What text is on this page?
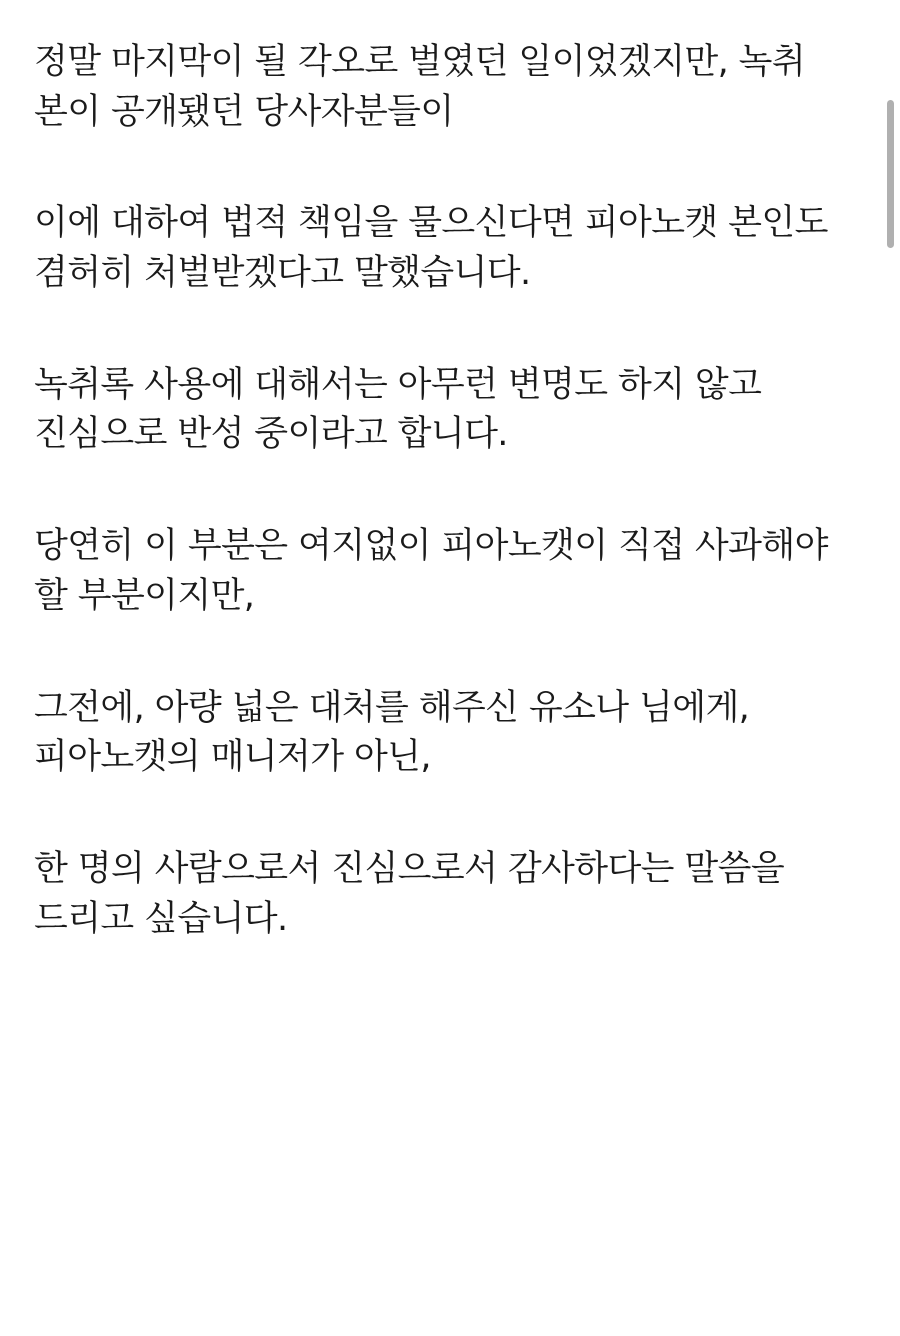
정말 마지막이 될 각오로 벌였던 일이었겠지만, 녹취 본이 공개됐던 당사자분들이

이에 대하여 법적 책임을 물으신다면 피아노캣 본인도 겸허히 처벌받겠다고 말했습니다.

녹취록 사용에 대해서는 아무런 변명도 하지 않고 진심으로 반성 중이라고 합니다.

당연히 이 부분은 여지없이 피아노캣이 직접 사과해야 할 부분이지만,

그전에, 아량 넓은 대처를 해주신 유소나 님에게, 피아노캣의 매니저가 아닌,

한 명의 사람으로서 진심으로서 감사하다는 말씀을 드리고 싶습니다.
